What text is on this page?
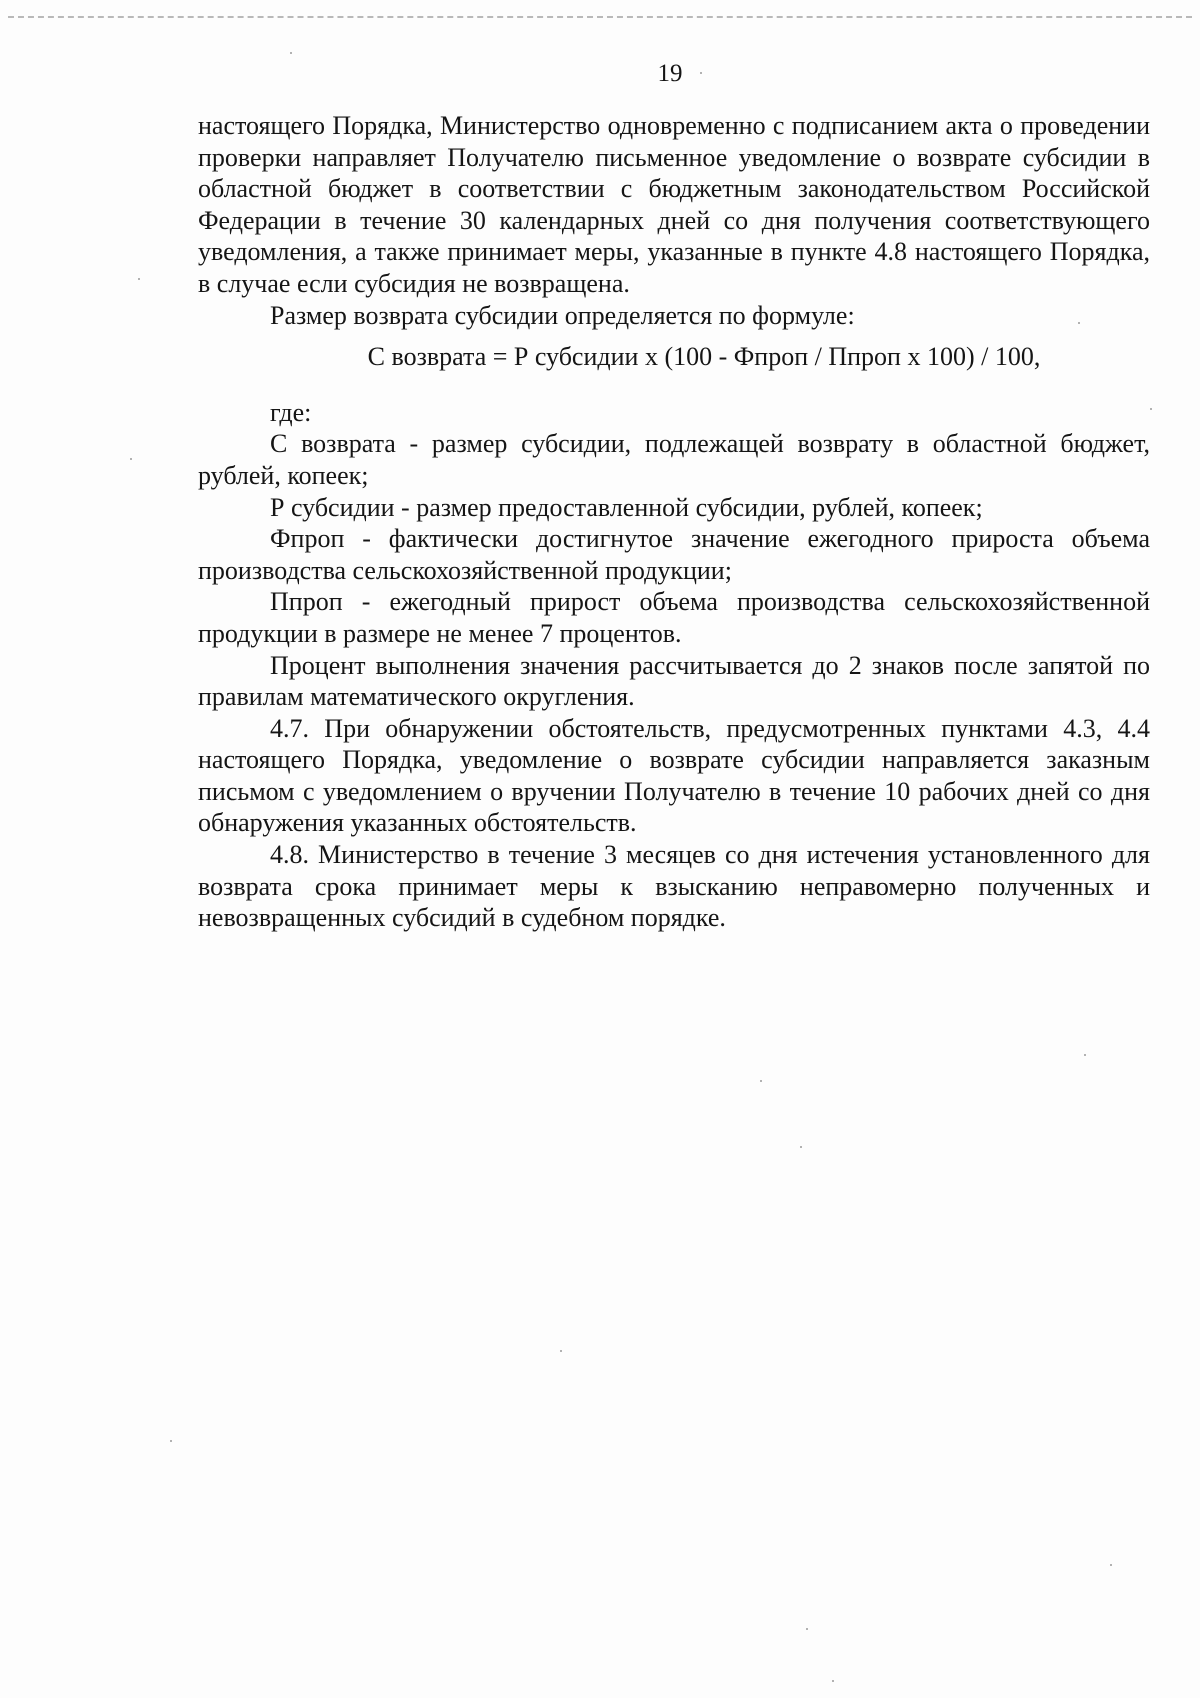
19

настоящего Порядка, Министерство одновременно с подписанием акта о проведении проверки направляет Получателю письменное уведомление о возврате субсидии в областной бюджет в соответствии с бюджетным законодательством Российской Федерации в течение 30 календарных дней со дня получения соответствующего уведомления, а также принимает меры, указанные в пункте 4.8 настоящего Порядка, в случае если субсидия не возвращена.

Размер возврата субсидии определяется по формуле:

С возврата = Р субсидии х (100 - Фпроп / Ппроп х 100) / 100,

где:

С возврата - размер субсидии, подлежащей возврату в областной бюджет, рублей, копеек;

Р субсидии - размер предоставленной субсидии, рублей, копеек;

Фпроп - фактически достигнутое значение ежегодного прироста объема производства сельскохозяйственной продукции;

Ппроп - ежегодный прирост объема производства сельскохозяйственной продукции в размере не менее 7 процентов.

Процент выполнения значения рассчитывается до 2 знаков после запятой по правилам математического округления.

4.7. При обнаружении обстоятельств, предусмотренных пунктами 4.3, 4.4 настоящего Порядка, уведомление о возврате субсидии направляется заказным письмом с уведомлением о вручении Получателю в течение 10 рабочих дней со дня обнаружения указанных обстоятельств.

4.8. Министерство в течение 3 месяцев со дня истечения установленного для возврата срока принимает меры к взысканию неправомерно полученных и невозвращенных субсидий в судебном порядке.
